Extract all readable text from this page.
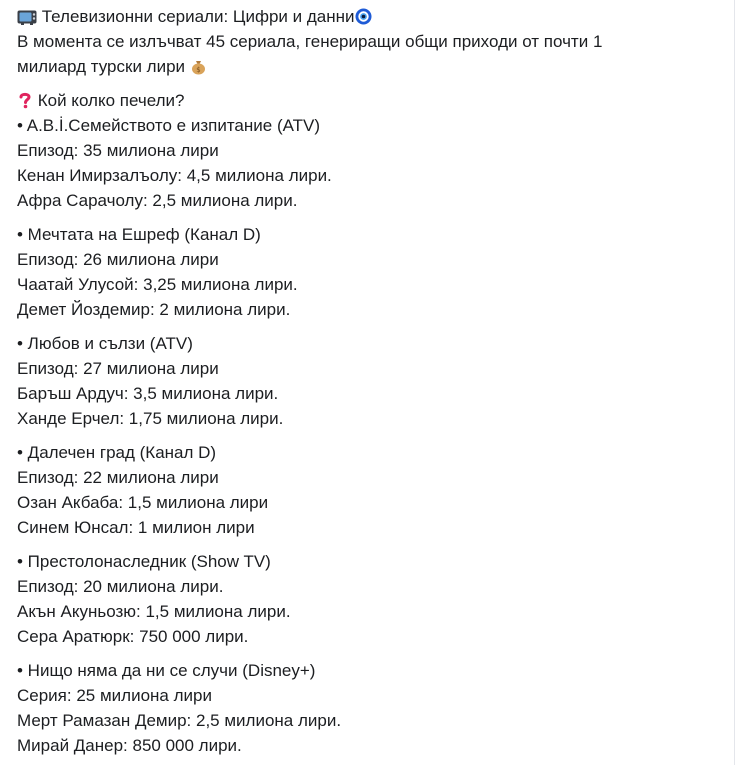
Телевизионни сериали: Цифри и данни
В момента се излъчват 45 сериала, генериращи общи приходи от почти 1
милиард турски лири $
Кой колко печели?
• A.B.İ.Семейството е изпитание (ATV)
Епизод: 35 милиона лири
Кенан Имирзалъолу: 4,5 милиона лири.
Афра Сарачолу: 2,5 милиона лири.
• Мечтата на Ешреф (Канал D)
Епизод: 26 милиона лири
Чаатай Улусой: 3,25 милиона лири.
Демет Йоздемир: 2 милиона лири.
• Любов и сълзи (ATV)
Епизод: 27 милиона лири
Баръш Ардуч: 3,5 милиона лири.
Ханде Ерчел: 1,75 милиона лири.
• Далечен град (Канал D)
Епизод: 22 милиона лири
Озан Акбаба: 1,5 милиона лири
Синем Юнсал: 1 милион лири
• Престолонаследник (Show TV)
Епизод: 20 милиона лири.
Акън Акуньозю: 1,5 милиона лири.
Сера Аратюрк: 750 000 лири.
• Нищо няма да ни се случи (Disney+)
Серия: 25 милиона лири
Мерт Рамазан Демир: 2,5 милиона лири.
Мирай Данер: 850 000 лири.
